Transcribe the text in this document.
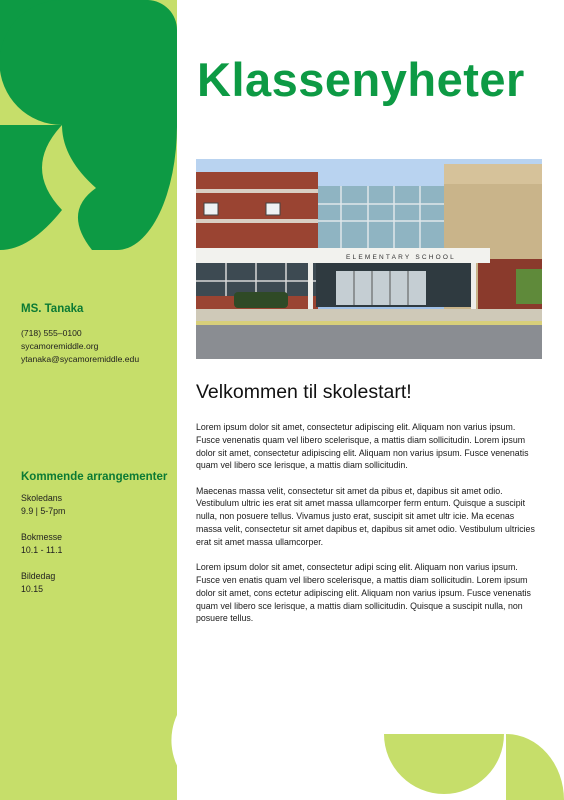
Klassenyheter
ELEMENTARY SCHOOL
MS. Tanaka
(718) 555–0100
sycamoremiddle.org
ytanaka@sycamoremiddle.edu
Kommende arrangementer
Skoledans
9.9 | 5-7pm
Bokmesse
10.1 - 11.1
Bildedag
10.15
Velkommen til skolestart!

Lorem ipsum dolor sit amet, consectetur adipiscing elit. Aliquam non varius ipsum. Fusce venenatis quam vel libero scelerisque, a mattis diam sollicitudin. Lorem ipsum dolor sit amet, consectetur adipiscing elit. Aliquam non varius ipsum. Fusce venenatis quam vel libero sce lerisque, a mattis diam sollicitudin.

Maecenas massa velit, consectetur sit amet da pibus et, dapibus sit amet odio. Vestibulum ultric ies erat sit amet massa ullamcorper ferm entum. Quisque a suscipit nulla, non posuere tellus. Vivamus justo erat, suscipit sit amet ultr icie. Ma ecenas massa velit, consectetur sit amet dapibus et, dapibus sit amet odio. Vestibulum ultricies erat sit amet massa ullamcorper.

Lorem ipsum dolor sit amet, consectetur adipi scing elit. Aliquam non varius ipsum. Fusce ven enatis quam vel libero scelerisque, a mattis diam sollicitudin. Lorem ipsum dolor sit amet, cons ectetur adipiscing elit. Aliquam non varius ipsum. Fusce venenatis quam vel libero sce lerisque, a mattis diam sollicitudin. Quisque a suscipit nulla, non posuere tellus.
